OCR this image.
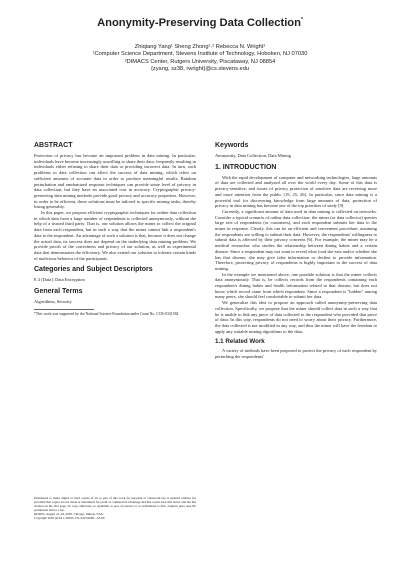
Anonymity-Preserving Data Collection*
Zhiqiang Yang¹ Sheng Zhong¹˒² Rebecca N. Wright¹
¹Computer Science Department, Stevens Institute of Technology, Hoboken, NJ 07030
²DIMACS Center, Rutgers University, Piscataway, NJ 08854
{zyang, sz38, rwright}@cs.stevens.edu
ABSTRACT

Protection of privacy has become an important problem in data mining. In particular, individuals have become increasingly unwilling to share their data, frequently resulting in individuals either refusing to share their data or providing incorrect data. In turn, such problems in data collection can affect the success of data mining, which relies on sufficient amounts of accurate data in order to produce meaningful results. Random perturbation and randomized response techniques can provide some level of privacy in data collection, but they have an associated cost in accuracy. Cryptographic privacy-preserving data mining methods provide good privacy and accuracy properties. However, in order to be efficient, those solutions must be tailored to specific mining tasks, thereby losing generality.

In this paper, we propose efficient cryptographic techniques for online data collection in which data from a large number of respondents is collected anonymously, without the help of a trusted third party. That is, our solution allows the miner to collect the original data from each respondent, but in such a way that the miner cannot link a respondent's data to the respondent. An advantage of such a solution is that, because it does not change the actual data, its success does not depend on the underlying data mining problem. We provide proofs of the correctness and privacy of our solution, as well as experimental data that demonstrates the efficiency. We also extend our solution to tolerate certain kinds of malicious behavior of the participants.

Categories and Subject Descriptors

E.3 [Data]: Data Encryption

General Terms

Algorithms, Security

*This work was supported by the National Science Foundation under Grant No. CCR-0331584.

Permission to make digital or hard copies of all or part of this work for personal or classroom use is granted without fee provided that copies are not made or distributed for profit or commercial advantage and that copies bear this notice and the full citation on the first page. To copy otherwise, to republish, to post on servers or to redistribute to lists, requires prior specific permission and/or a fee.

KDD'05, August 21–24, 2005, Chicago, Illinois, USA.

Copyright 2005 ACM 1-59593-135-X/05/0008 ...$5.00.

Keywords

Anonymity, Data Collection, Data Mining

1. INTRODUCTION

With the rapid development of computer and networking technologies, large amounts of data are collected and analyzed all over the world every day. Some of this data is privacy-sensitive, and issues of privacy protection of sensitive data are receiving more and more attention from the public [19, 25, 26]. In particular, since data mining is a powerful tool for discovering knowledge from large amounts of data, protection of privacy in data mining has become one of the top priorities of study [9].

Currently, a significant amount of data used in data mining is collected on networks. Consider a typical scenario of online data collection: the miner (or data collector) queries large sets of respondents (or customers), and each respondent submits her data to the miner in response. Clearly, this can be an efficient and convenient procedure, assuming the respondents are willing to submit their data. However, the respondents' willingness to submit data is affected by their privacy concerns [6]. For example, the miner may be a medical researcher who studies the relationship between dining habits and a certain disease. Since a respondent may not want to reveal what food she eats and/or whether she has that disease, she may give false information or decline to provide information. Therefore, protecting privacy of respondents is highly important to the success of data mining.

In the example we mentioned above, one possible solution is that the miner collects data anonymously. That is, he collects records from the respondents containing each respondent's dining habits and health information related to that disease, but does not know which record came from which respondent. Since a respondent is "hidden" among many peers, she should feel comfortable to submit her data.

We generalize this idea to propose an approach called anonymity-preserving data collection. Specifically, we propose that the miner should collect data in such a way that he is unable to link any piece of data collected to the respondent who provided that piece of data. In this way, respondents do not need to worry about their privacy. Furthermore, the data collected is not modified in any way, and thus the miner will have the freedom to apply any suitable mining algorithms to the data.

1.1 Related Work

A variety of methods have been proposed to protect the privacy of each respondent by perturbing the respondents'
